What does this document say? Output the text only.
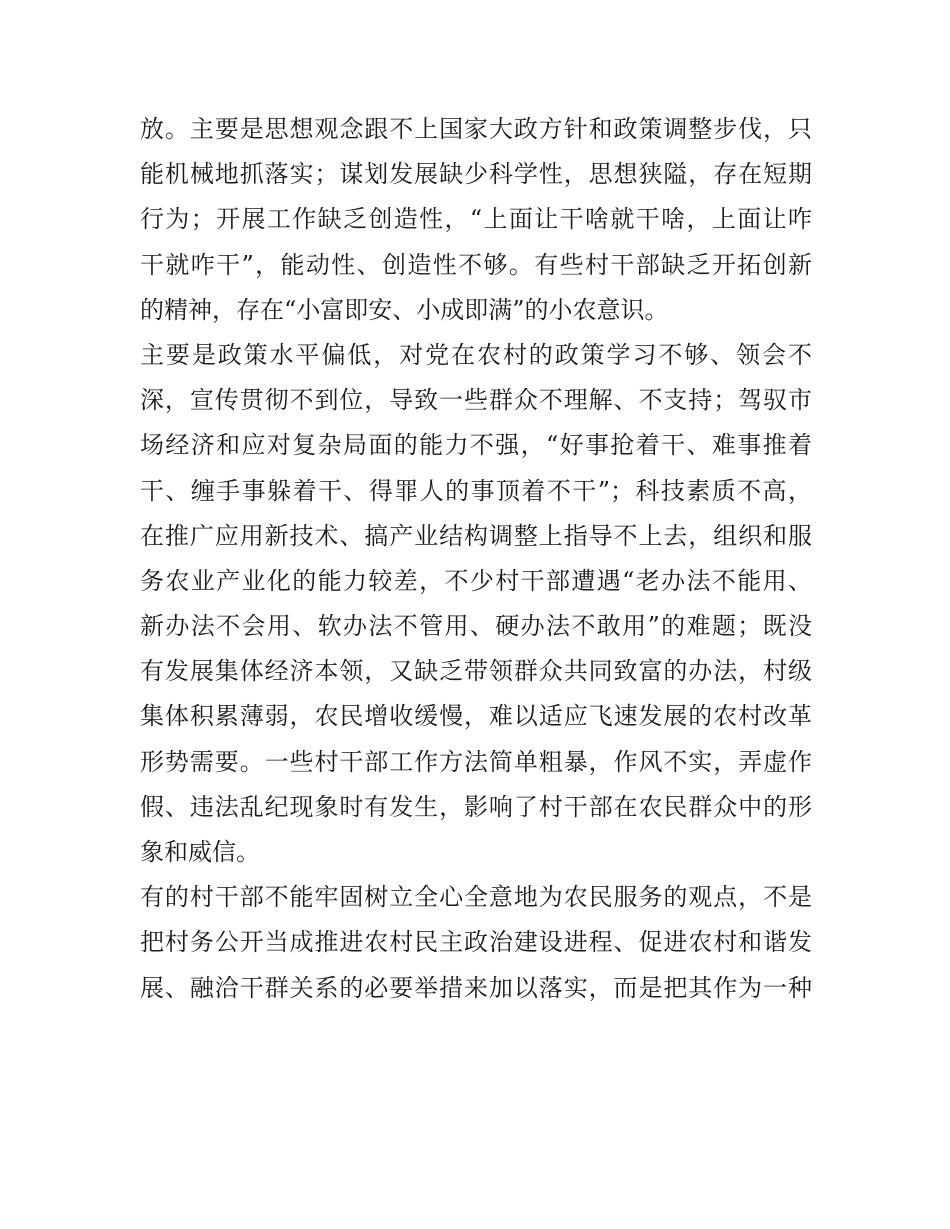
放。主要是思想观念跟不上国家大政方针和政策调整步伐，只
能机械地抓落实；谋划发展缺少科学性，思想狭隘，存在短期
行为；开展工作缺乏创造性，“上面让干啥就干啥，上面让咋
干就咋干”，能动性、创造性不够。有些村干部缺乏开拓创新
的精神，存在“小富即安、小成即满”的小农意识。
主要是政策水平偏低，对党在农村的政策学习不够、领会不
深，宣传贯彻不到位，导致一些群众不理解、不支持；驾驭市
场经济和应对复杂局面的能力不强，“好事抢着干、难事推着
干、缠手事躲着干、得罪人的事顶着不干”；科技素质不高，
在推广应用新技术、搞产业结构调整上指导不上去，组织和服
务农业产业化的能力较差，不少村干部遭遇“老办法不能用、
新办法不会用、软办法不管用、硬办法不敢用”的难题；既没
有发展集体经济本领，又缺乏带领群众共同致富的办法，村级
集体积累薄弱，农民增收缓慢，难以适应飞速发展的农村改革
形势需要。一些村干部工作方法简单粗暴，作风不实，弄虚作
假、违法乱纪现象时有发生，影响了村干部在农民群众中的形
象和威信。
有的村干部不能牢固树立全心全意地为农民服务的观点，不是
把村务公开当成推进农村民主政治建设进程、促进农村和谐发
展、融洽干群关系的必要举措来加以落实，而是把其作为一种
